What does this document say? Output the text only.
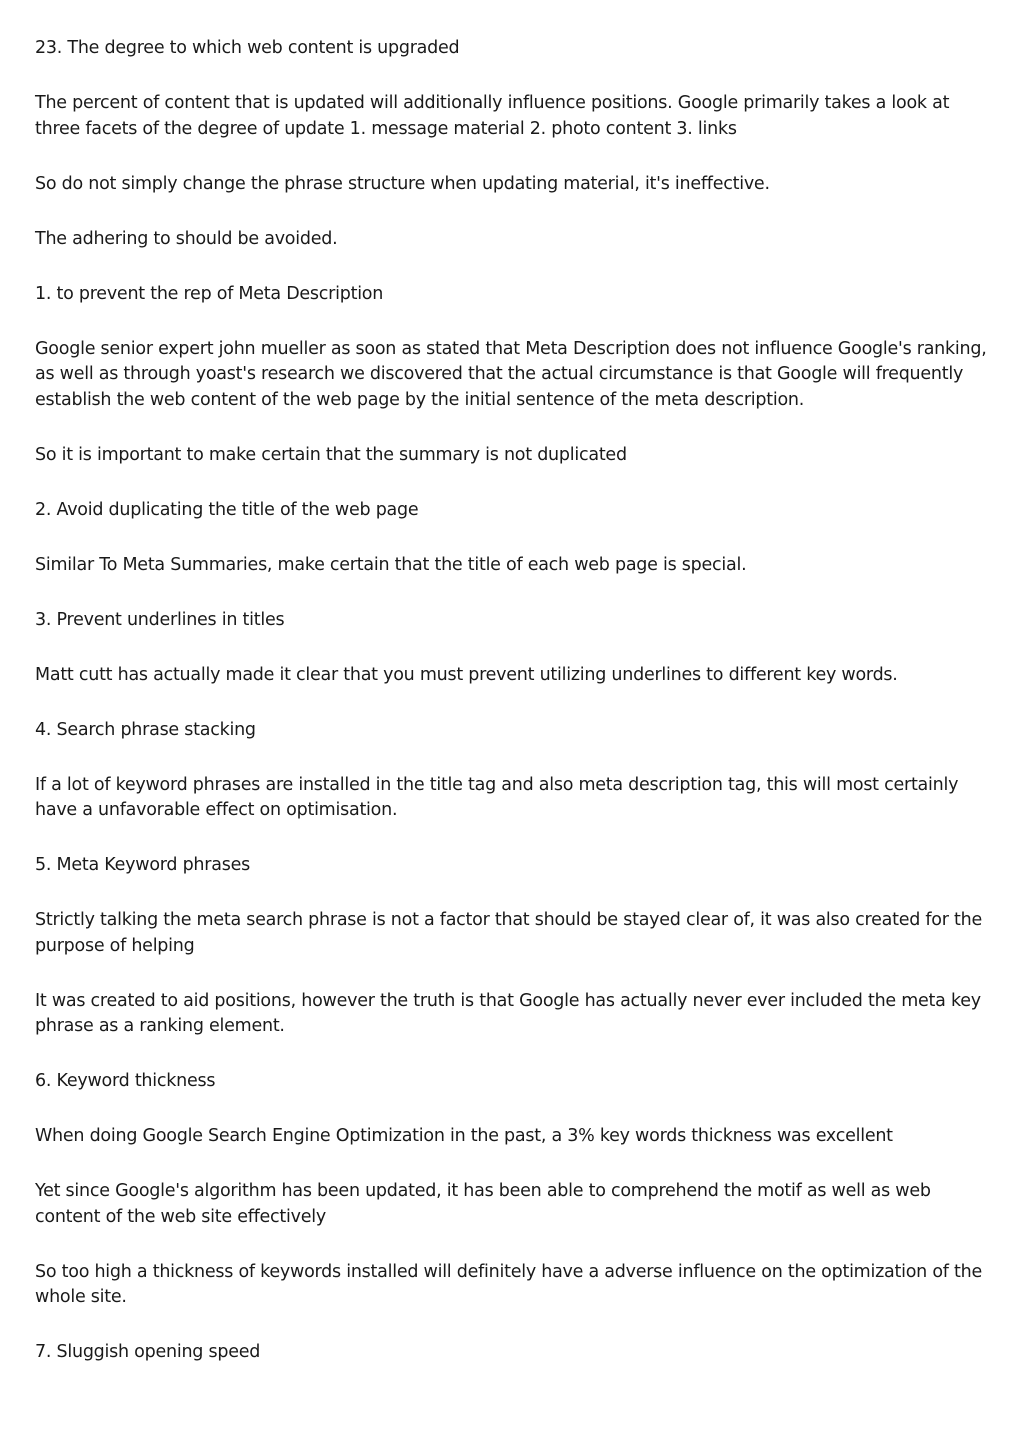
23. The degree to which web content is upgraded

The percent of content that is updated will additionally influence positions. Google primarily takes a look at three facets of the degree of update 1. message material 2. photo content 3. links

So do not simply change the phrase structure when updating material, it's ineffective.

The adhering to should be avoided.

1. to prevent the rep of Meta Description

Google senior expert john mueller as soon as stated that Meta Description does not influence Google's ranking, as well as through yoast's research we discovered that the actual circumstance is that Google will frequently establish the web content of the web page by the initial sentence of the meta description.

So it is important to make certain that the summary is not duplicated

2. Avoid duplicating the title of the web page

Similar To Meta Summaries, make certain that the title of each web page is special.

3. Prevent underlines in titles

Matt cutt has actually made it clear that you must prevent utilizing underlines to different key words.

4. Search phrase stacking

If a lot of keyword phrases are installed in the title tag and also meta description tag, this will most certainly have a unfavorable effect on optimisation.

5. Meta Keyword phrases

Strictly talking the meta search phrase is not a factor that should be stayed clear of, it was also created for the purpose of helping

It was created to aid positions, however the truth is that Google has actually never ever included the meta key phrase as a ranking element.

6. Keyword thickness

When doing Google Search Engine Optimization in the past, a 3% key words thickness was excellent

Yet since Google's algorithm has been updated, it has been able to comprehend the motif as well as web content of the web site effectively

So too high a thickness of keywords installed will definitely have a adverse influence on the optimization of the whole site.

7. Sluggish opening speed
